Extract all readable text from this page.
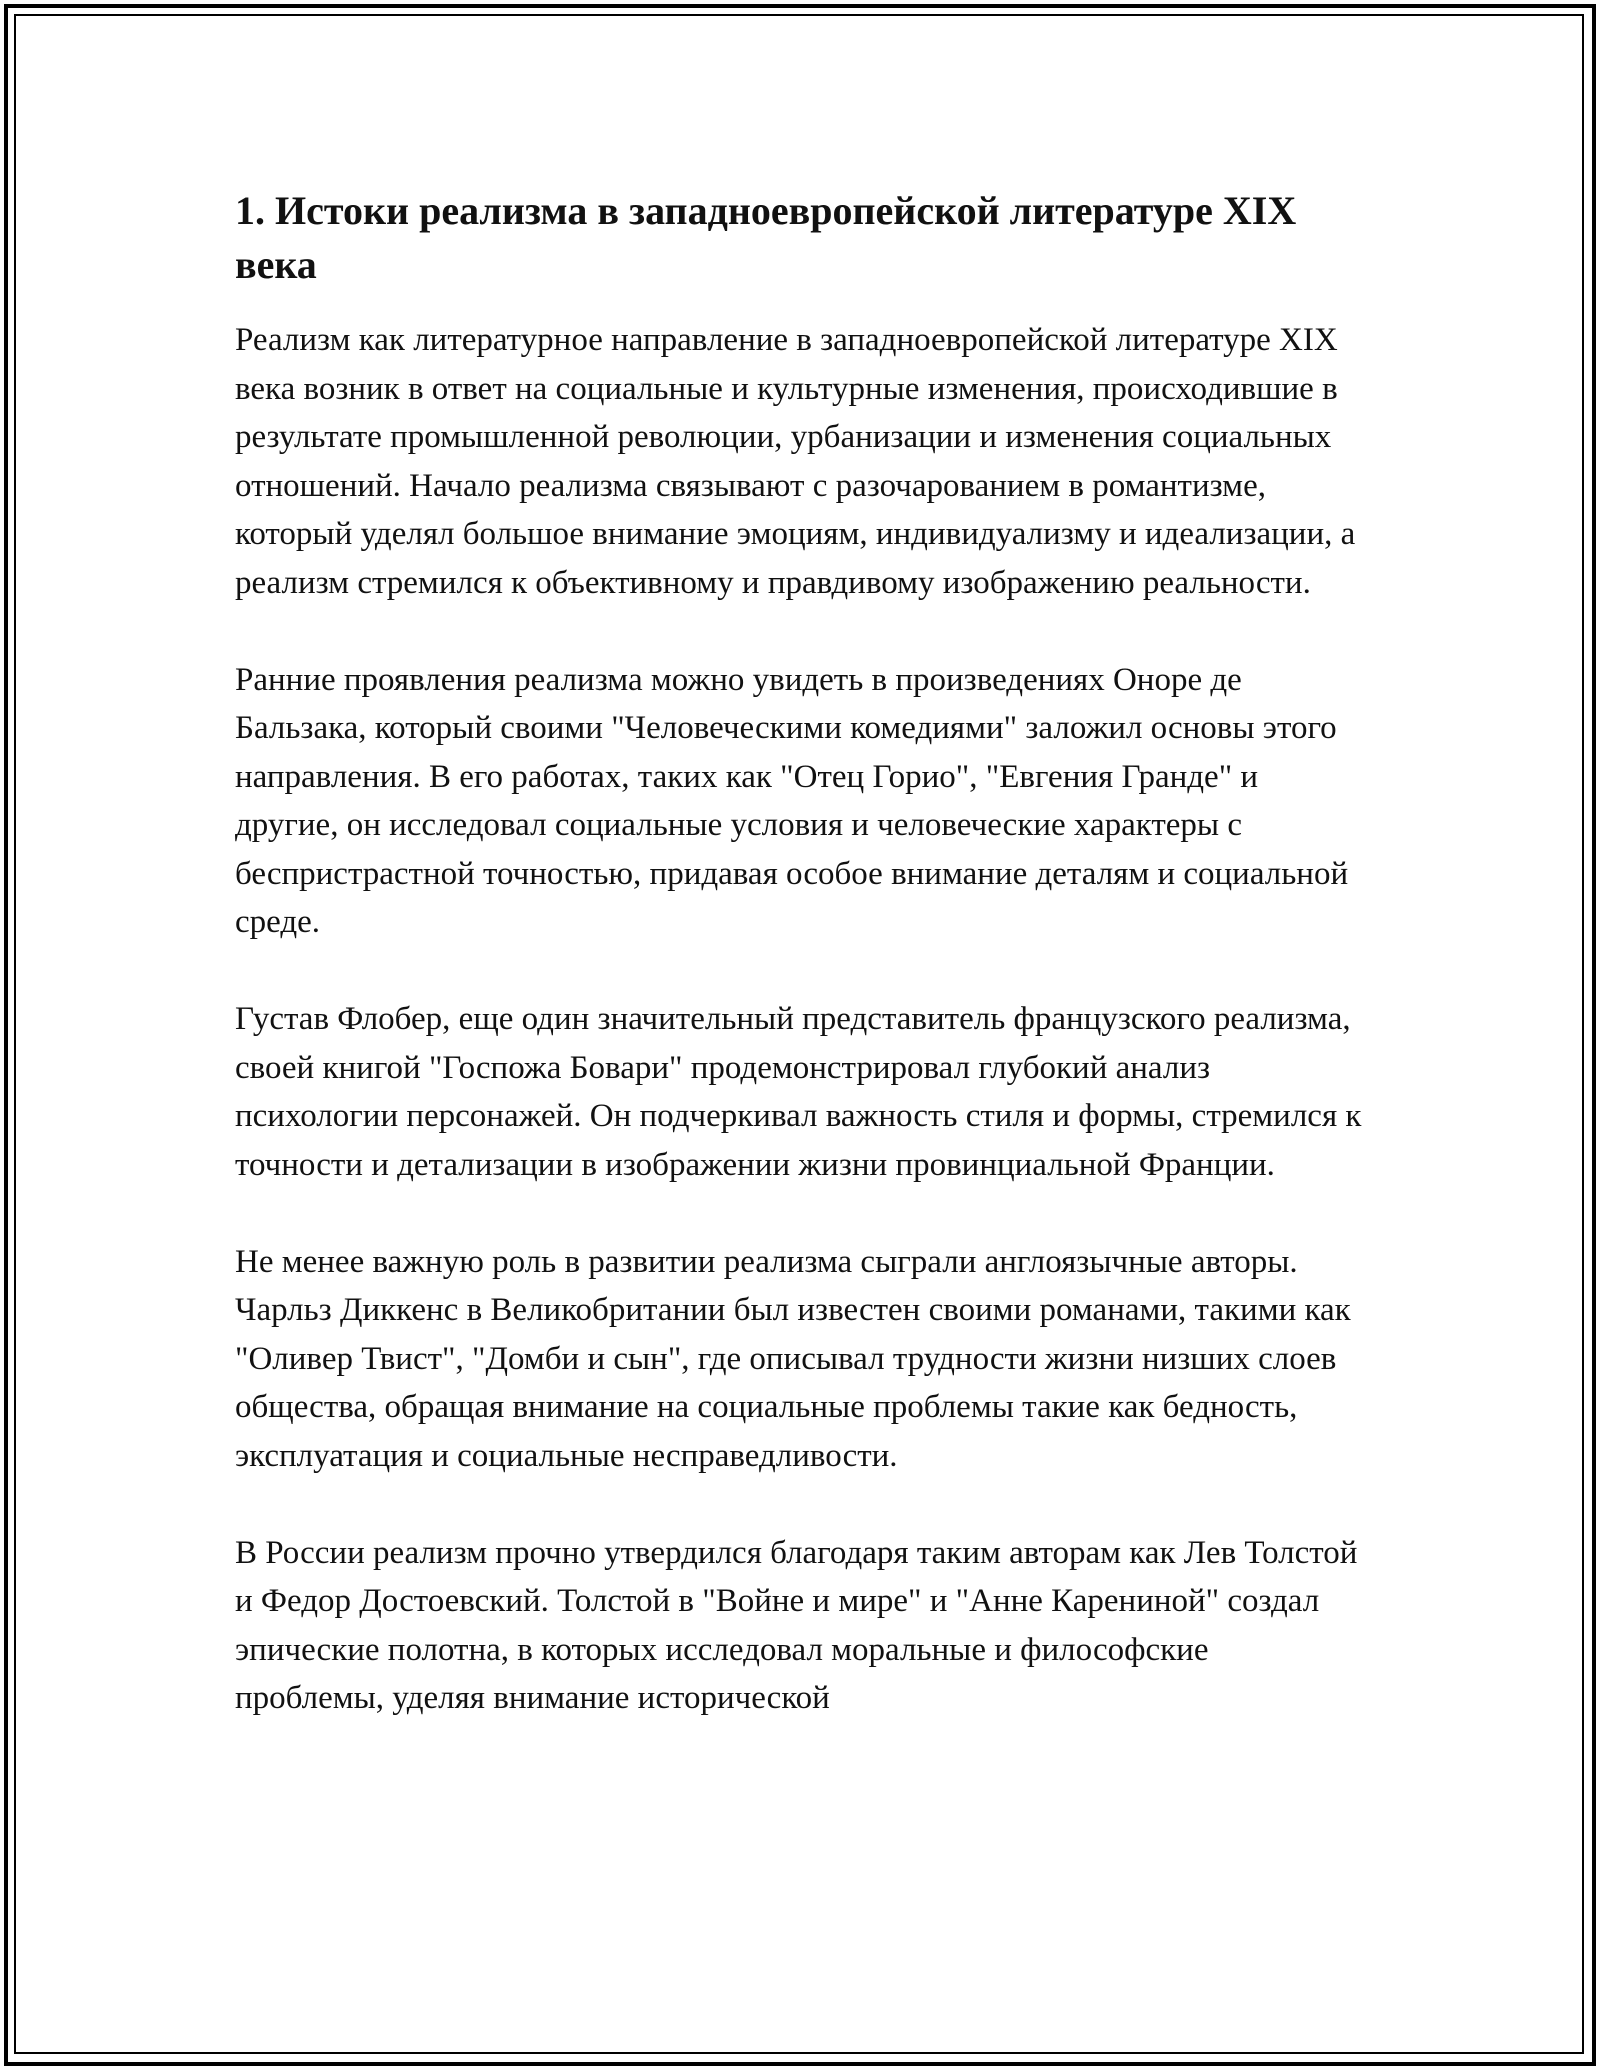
1. Истоки реализма в западноевропейской литературе XIX века

Реализм как литературное направление в западноевропейской литературе XIX века возник в ответ на социальные и культурные изменения, происходившие в результате промышленной революции, урбанизации и изменения социальных отношений. Начало реализма связывают с разочарованием в романтизме, который уделял большое внимание эмоциям, индивидуализму и идеализации, а реализм стремился к объективному и правдивому изображению реальности.

Ранние проявления реализма можно увидеть в произведениях Оноре де Бальзака, который своими "Человеческими комедиями" заложил основы этого направления. В его работах, таких как "Отец Горио", "Евгения Гранде" и другие, он исследовал социальные условия и человеческие характеры с беспристрастной точностью, придавая особое внимание деталям и социальной среде.

Густав Флобер, еще один значительный представитель французского реализма, своей книгой "Госпожа Бовари" продемонстрировал глубокий анализ психологии персонажей. Он подчеркивал важность стиля и формы, стремился к точности и детализации в изображении жизни провинциальной Франции.

Не менее важную роль в развитии реализма сыграли англоязычные авторы. Чарльз Диккенс в Великобритании был известен своими романами, такими как "Оливер Твист", "Домби и сын", где описывал трудности жизни низших слоев общества, обращая внимание на социальные проблемы такие как бедность, эксплуатация и социальные несправедливости.

В России реализм прочно утвердился благодаря таким авторам как Лев Толстой и Федор Достоевский. Толстой в "Войне и мире" и "Анне Карениной" создал эпические полотна, в которых исследовал моральные и философские проблемы, уделяя внимание исторической
